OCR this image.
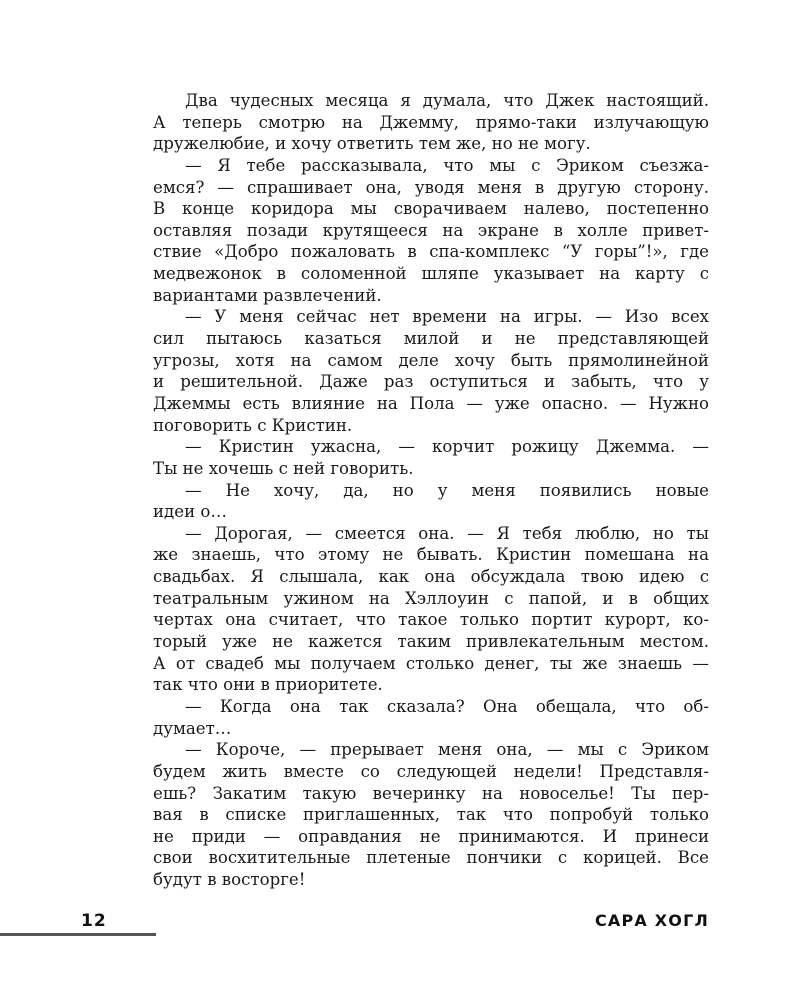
Два чудесных месяца я думала, что Джек настоящий.
А теперь смотрю на Джемму, прямо-таки излучающую
дружелюбие, и хочу ответить тем же, но не могу.
— Я тебе рассказывала, что мы с Эриком съезжа-
емся? — спрашивает она, уводя меня в другую сторону.
В конце коридора мы сворачиваем налево, постепенно
оставляя позади крутящееся на экране в холле привет-
ствие «Добро пожаловать в спа-комплекс “У горы”!», где
медвежонок в соломенной шляпе указывает на карту с
вариантами развлечений.
— У меня сейчас нет времени на игры. — Изо всех
сил пытаюсь казаться милой и не представляющей
угрозы, хотя на самом деле хочу быть прямолинейной
и решительной. Даже раз оступиться и забыть, что у
Джеммы есть влияние на Пола — уже опасно. — Нужно
поговорить с Кристин.
— Кристин ужасна, — корчит рожицу Джемма. —
Ты не хочешь с ней говорить.
— Не хочу, да, но у меня появились новые
идеи о…
— Дорогая, — смеется она. — Я тебя люблю, но ты
же знаешь, что этому не бывать. Кристин помешана на
свадьбах. Я слышала, как она обсуждала твою идею с
театральным ужином на Хэллоуин с папой, и в общих
чертах она считает, что такое только портит курорт, ко-
торый уже не кажется таким привлекательным местом.
А от свадеб мы получаем столько денег, ты же знаешь —
так что они в приоритете.
— Когда она так сказала? Она обещала, что об-
думает…
— Короче, — прерывает меня она, — мы с Эриком
будем жить вместе со следующей недели! Представля-
ешь? Закатим такую вечеринку на новоселье! Ты пер-
вая в списке приглашенных, так что попробуй только
не приди — оправдания не принимаются. И принеси
свои восхитительные плетеные пончики с корицей. Все
будут в восторге!
12	САРА ХОГЛ
